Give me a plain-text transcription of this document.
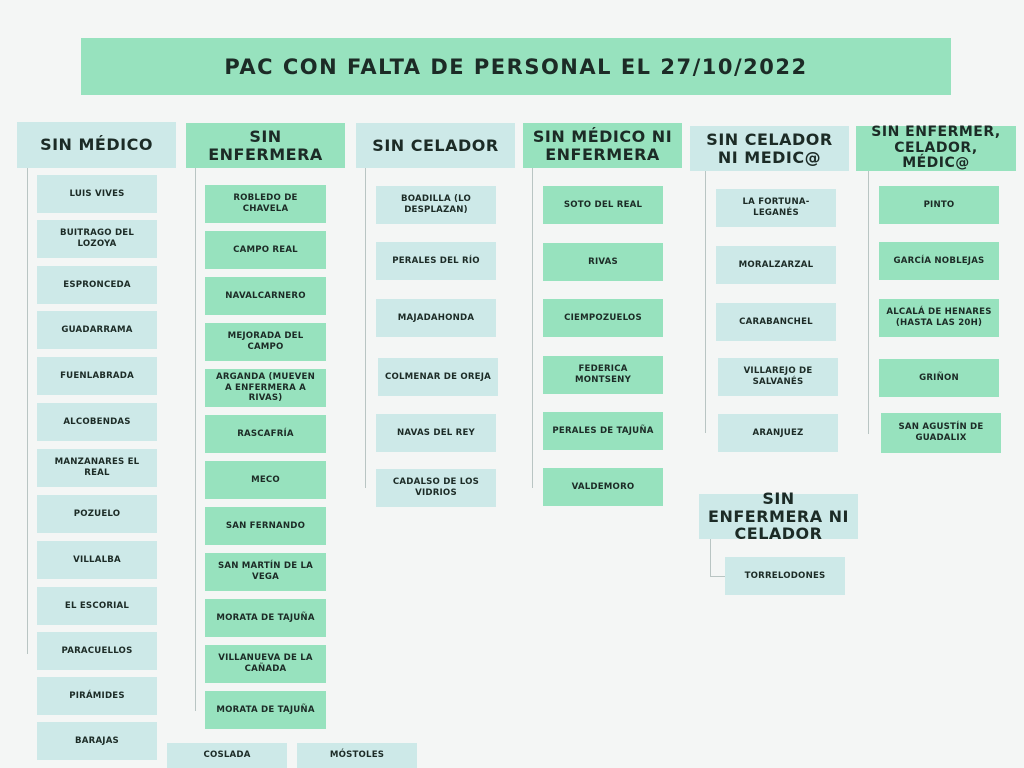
PAC CON FALTA DE PERSONAL EL 27/10/2022
SIN MÉDICO
LUIS VIVES
BUITRAGO DEL LOZOYA
ESPRONCEDA
GUADARRAMA
FUENLABRADA
ALCOBENDAS
MANZANARES EL REAL
POZUELO
VILLALBA
EL ESCORIAL
PARACUELLOS
PIRÁMIDES
BARAJAS
COSLADA	MÓSTOLES
SIN ENFERMERA
ROBLEDO DE CHAVELA
CAMPO REAL
NAVALCARNERO
MEJORADA DEL CAMPO
ARGANDA (MUEVEN A ENFERMERA A RIVAS)
RASCAFRÍA
MECO
SAN FERNANDO
SAN MARTÍN DE LA VEGA
MORATA DE TAJUÑA
VILLANUEVA DE LA CAÑADA
MORATA DE TAJUÑA
SIN CELADOR
BOADILLA (LO DESPLAZAN)
PERALES DEL RÍO
MAJADAHONDA
COLMENAR DE OREJA
NAVAS DEL REY
CADALSO DE LOS VIDRIOS
SIN MÉDICO NI ENFERMERA
SOTO DEL REAL
RIVAS
CIEMPOZUELOS
FEDERICA MONTSENY
PERALES DE TAJUÑA
VALDEMORO
SIN CELADOR NI MEDIC@
LA FORTUNA-LEGANÉS
MORALZARZAL
CARABANCHEL
VILLAREJO DE SALVANÉS
ARANJUEZ
SIN ENFERMER, CELADOR, MÉDIC@
PINTO
GARCÍA NOBLEJAS
ALCALÁ DE HENARES (HASTA LAS 20H)
GRIÑON
SAN AGUSTÍN DE GUADALIX
SIN ENFERMERA NI CELADOR
TORRELODONES
